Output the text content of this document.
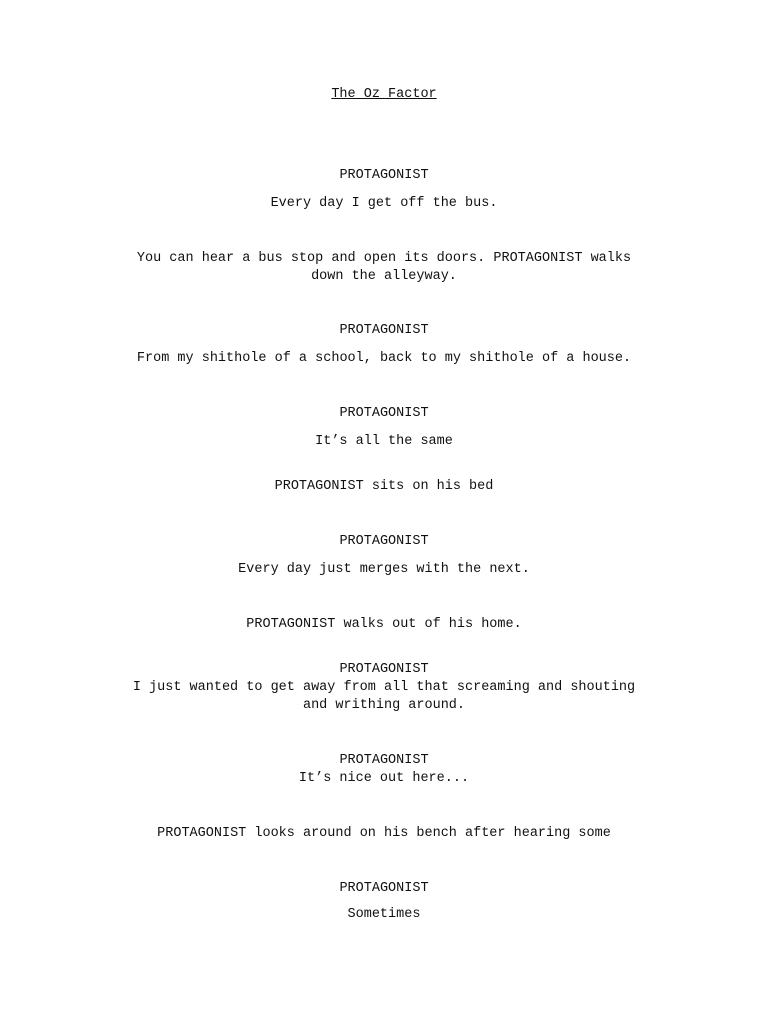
The Oz Factor
PROTAGONIST
Every day I get off the bus.
You can hear a bus stop and open its doors. PROTAGONIST walks
down the alleyway.
PROTAGONIST
From my shithole of a school, back to my shithole of a house.
PROTAGONIST
It’s all the same
PROTAGONIST sits on his bed
PROTAGONIST
Every day just merges with the next.
PROTAGONIST walks out of his home.
PROTAGONIST
I just wanted to get away from all that screaming and shouting
and writhing around.
PROTAGONIST
It’s nice out here...
PROTAGONIST looks around on his bench after hearing some
PROTAGONIST
Sometimes
